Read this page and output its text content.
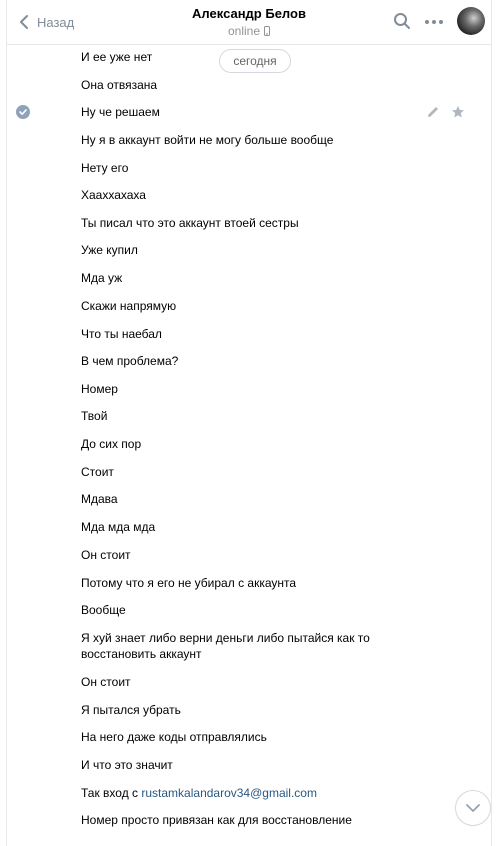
Назад
Александр Белов
online
сегодня
И ее уже нет
Она отвязана
Ну че решаем
Ну я в аккаунт войти не могу больше вообще
Нету его
Хааххахаха
Ты писал что это аккаунт втоей сестры
Уже купил
Мда уж
Скажи напрямую
Что ты наебал
В чем проблема?
Номер
Твой
До сих пор
Стоит
Мдава
Мда мда мда
Он стоит
Потому что я его не убирал с аккаунта
Вообще
Я хуй знает либо верни деньги либо пытайся как то
восстановить аккаунт
Он стоит
Я пытался убрать
На него даже коды отправлялись
И что это значит
Так вход с rustamkalandarov34@gmail.com
Номер просто привязан как для восстановление
